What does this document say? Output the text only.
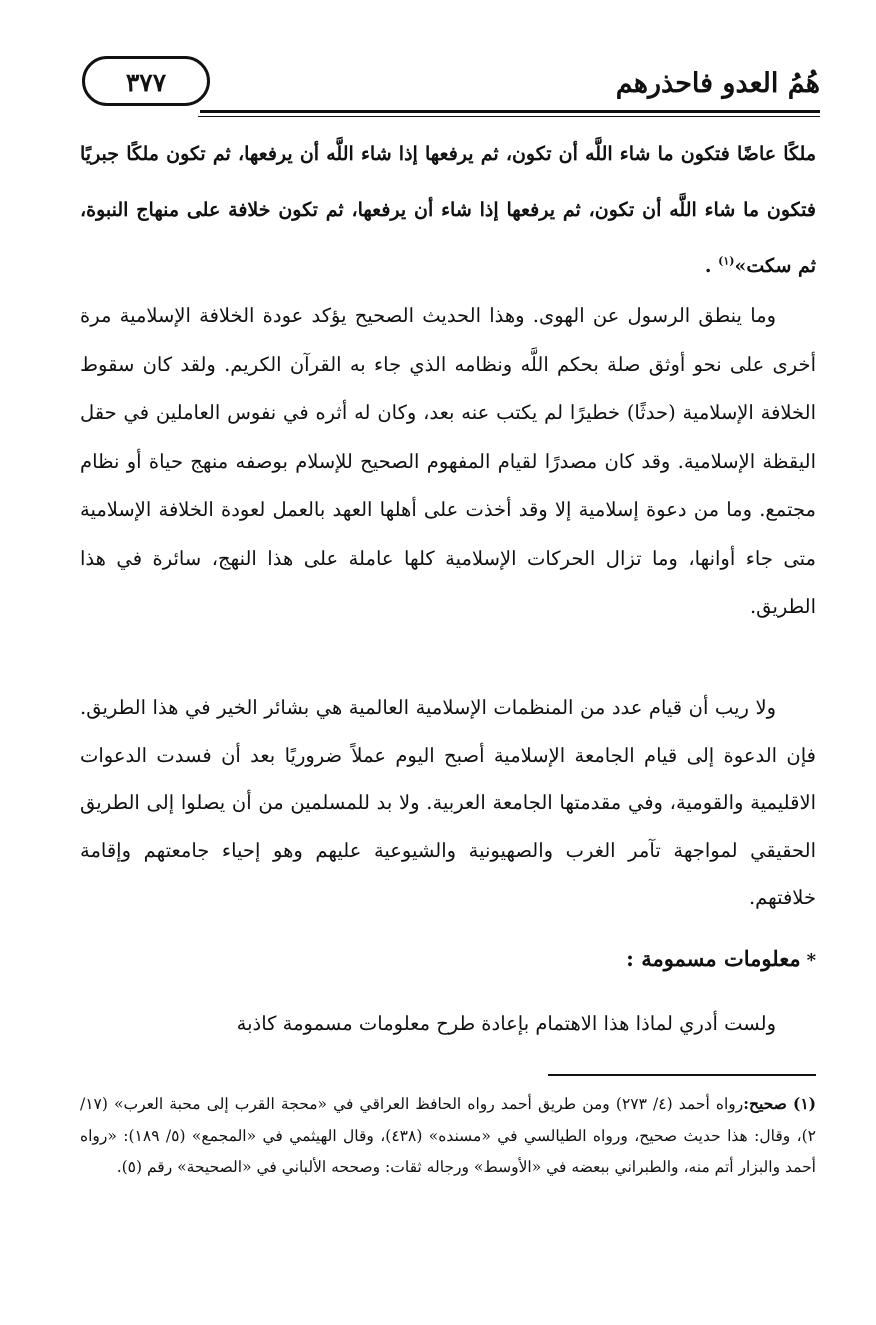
٣٧٧	هُمُ العدو فاحذرهم
ملكًا عاضًا فتكون ما شاء اللَّه أن تكون، ثم يرفعها إذا شاء اللَّه أن يرفعها، ثم تكون ملكًا جبريًا فتكون ما شاء اللَّه أن تكون، ثم يرفعها إذا شاء أن يرفعها، ثم تكون خلافة على منهاج النبوة، ثم سكت»$^{(١)}$ .
وما ينطق الرسول عن الهوى. وهذا الحديث الصحيح يؤكد عودة الخلافة الإسلامية مرة أخرى على نحو أوثق صلة بحكم اللَّه ونظامه الذي جاء به القرآن الكريم. ولقد كان سقوط الخلافة الإسلامية (حدثًا) خطيرًا لم يكتب عنه بعد، وكان له أثره في نفوس العاملين في حقل اليقظة الإسلامية. وقد كان مصدرًا لقيام المفهوم الصحيح للإسلام بوصفه منهج حياة أو نظام مجتمع. وما من دعوة إسلامية إلا وقد أخذت على أهلها العهد بالعمل لعودة الخلافة الإسلامية متى جاء أوانها، وما تزال الحركات الإسلامية كلها عاملة على هذا النهج، سائرة في هذا الطريق.
ولا ريب أن قيام عدد من المنظمات الإسلامية العالمية هي بشائر الخير في هذا الطريق. فإن الدعوة إلى قيام الجامعة الإسلامية أصبح اليوم عملاً ضروريًا بعد أن فسدت الدعوات الاقليمية والقومية، وفي مقدمتها الجامعة العربية. ولا بد للمسلمين من أن يصلوا إلى الطريق الحقيقي لمواجهة تآمر الغرب والصهيونية والشيوعية عليهم وهو إحياء جامعتهم وإقامة خلافتهم.
*معلومات مسمومة :
ولست أدري لماذا هذا الاهتمام بإعادة طرح معلومات مسمومة كاذبة
(١) صحيح:رواه أحمد (٤/ ٢٧٣) ومن طريق أحمد رواه الحافظ العراقي في «محجة القرب إلى محبة العرب» (١٧/ ٢)، وقال: هذا حديث صحيح، ورواه الطيالسي في «مسنده» (٤٣٨)، وقال الهيثمي في «المجمع» (٥/ ١٨٩): «رواه أحمد والبزار أتم منه، والطبراني ببعضه في «الأوسط» ورجاله ثقات: وصححه الألباني في «الصحيحة» رقم (٥).
